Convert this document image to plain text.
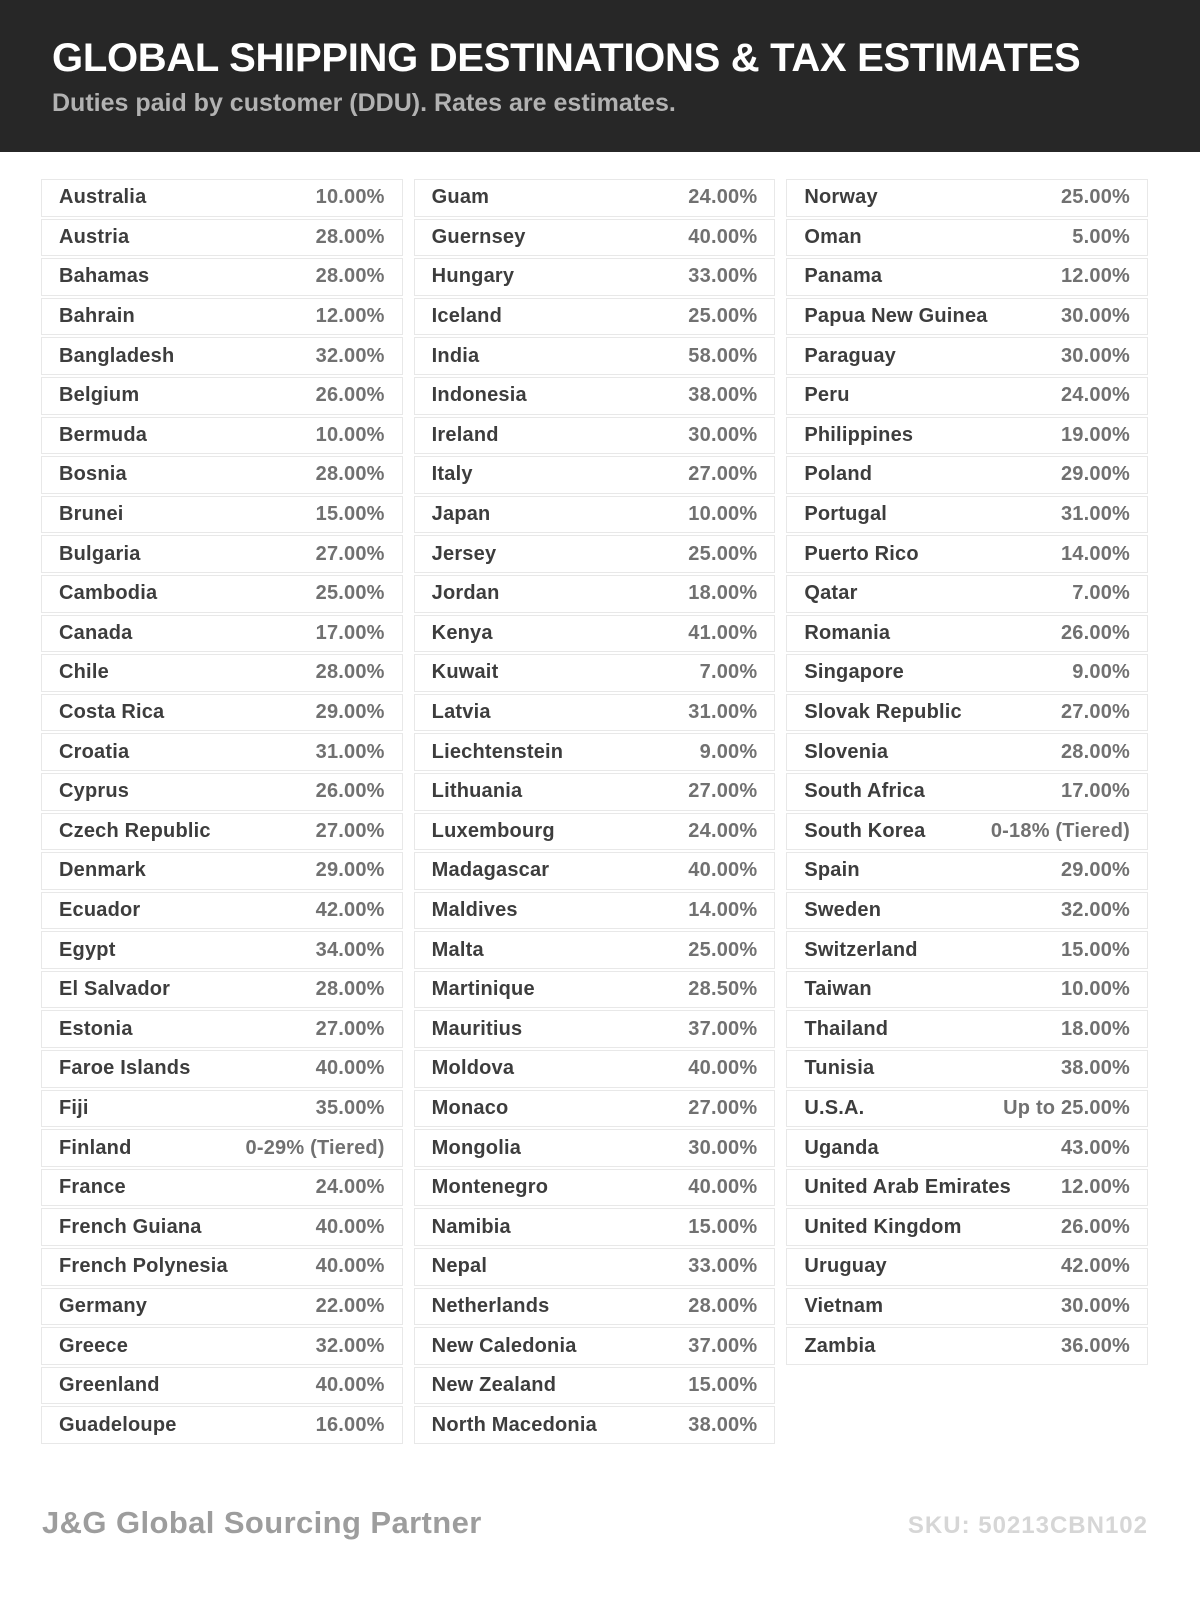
GLOBAL SHIPPING DESTINATIONS & TAX ESTIMATES
Duties paid by customer (DDU). Rates are estimates.
Australia	10.00%
Austria	28.00%
Bahamas	28.00%
Bahrain	12.00%
Bangladesh	32.00%
Belgium	26.00%
Bermuda	10.00%
Bosnia	28.00%
Brunei	15.00%
Bulgaria	27.00%
Cambodia	25.00%
Canada	17.00%
Chile	28.00%
Costa Rica	29.00%
Croatia	31.00%
Cyprus	26.00%
Czech Republic	27.00%
Denmark	29.00%
Ecuador	42.00%
Egypt	34.00%
El Salvador	28.00%
Estonia	27.00%
Faroe Islands	40.00%
Fiji	35.00%
Finland	0-29% (Tiered)
France	24.00%
French Guiana	40.00%
French Polynesia	40.00%
Germany	22.00%
Greece	32.00%
Greenland	40.00%
Guadeloupe	16.00%
Guam	24.00%
Guernsey	40.00%
Hungary	33.00%
Iceland	25.00%
India	58.00%
Indonesia	38.00%
Ireland	30.00%
Italy	27.00%
Japan	10.00%
Jersey	25.00%
Jordan	18.00%
Kenya	41.00%
Kuwait	7.00%
Latvia	31.00%
Liechtenstein	9.00%
Lithuania	27.00%
Luxembourg	24.00%
Madagascar	40.00%
Maldives	14.00%
Malta	25.00%
Martinique	28.50%
Mauritius	37.00%
Moldova	40.00%
Monaco	27.00%
Mongolia	30.00%
Montenegro	40.00%
Namibia	15.00%
Nepal	33.00%
Netherlands	28.00%
New Caledonia	37.00%
New Zealand	15.00%
North Macedonia	38.00%
Norway	25.00%
Oman	5.00%
Panama	12.00%
Papua New Guinea	30.00%
Paraguay	30.00%
Peru	24.00%
Philippines	19.00%
Poland	29.00%
Portugal	31.00%
Puerto Rico	14.00%
Qatar	7.00%
Romania	26.00%
Singapore	9.00%
Slovak Republic	27.00%
Slovenia	28.00%
South Africa	17.00%
South Korea	0-18% (Tiered)
Spain	29.00%
Sweden	32.00%
Switzerland	15.00%
Taiwan	10.00%
Thailand	18.00%
Tunisia	38.00%
U.S.A.	Up to 25.00%
Uganda	43.00%
United Arab Emirates 12.00%
United Kingdom	26.00%
Uruguay	42.00%
Vietnam	30.00%
Zambia	36.00%
J&G Global Sourcing Partner	SKU: 50213CBN102
